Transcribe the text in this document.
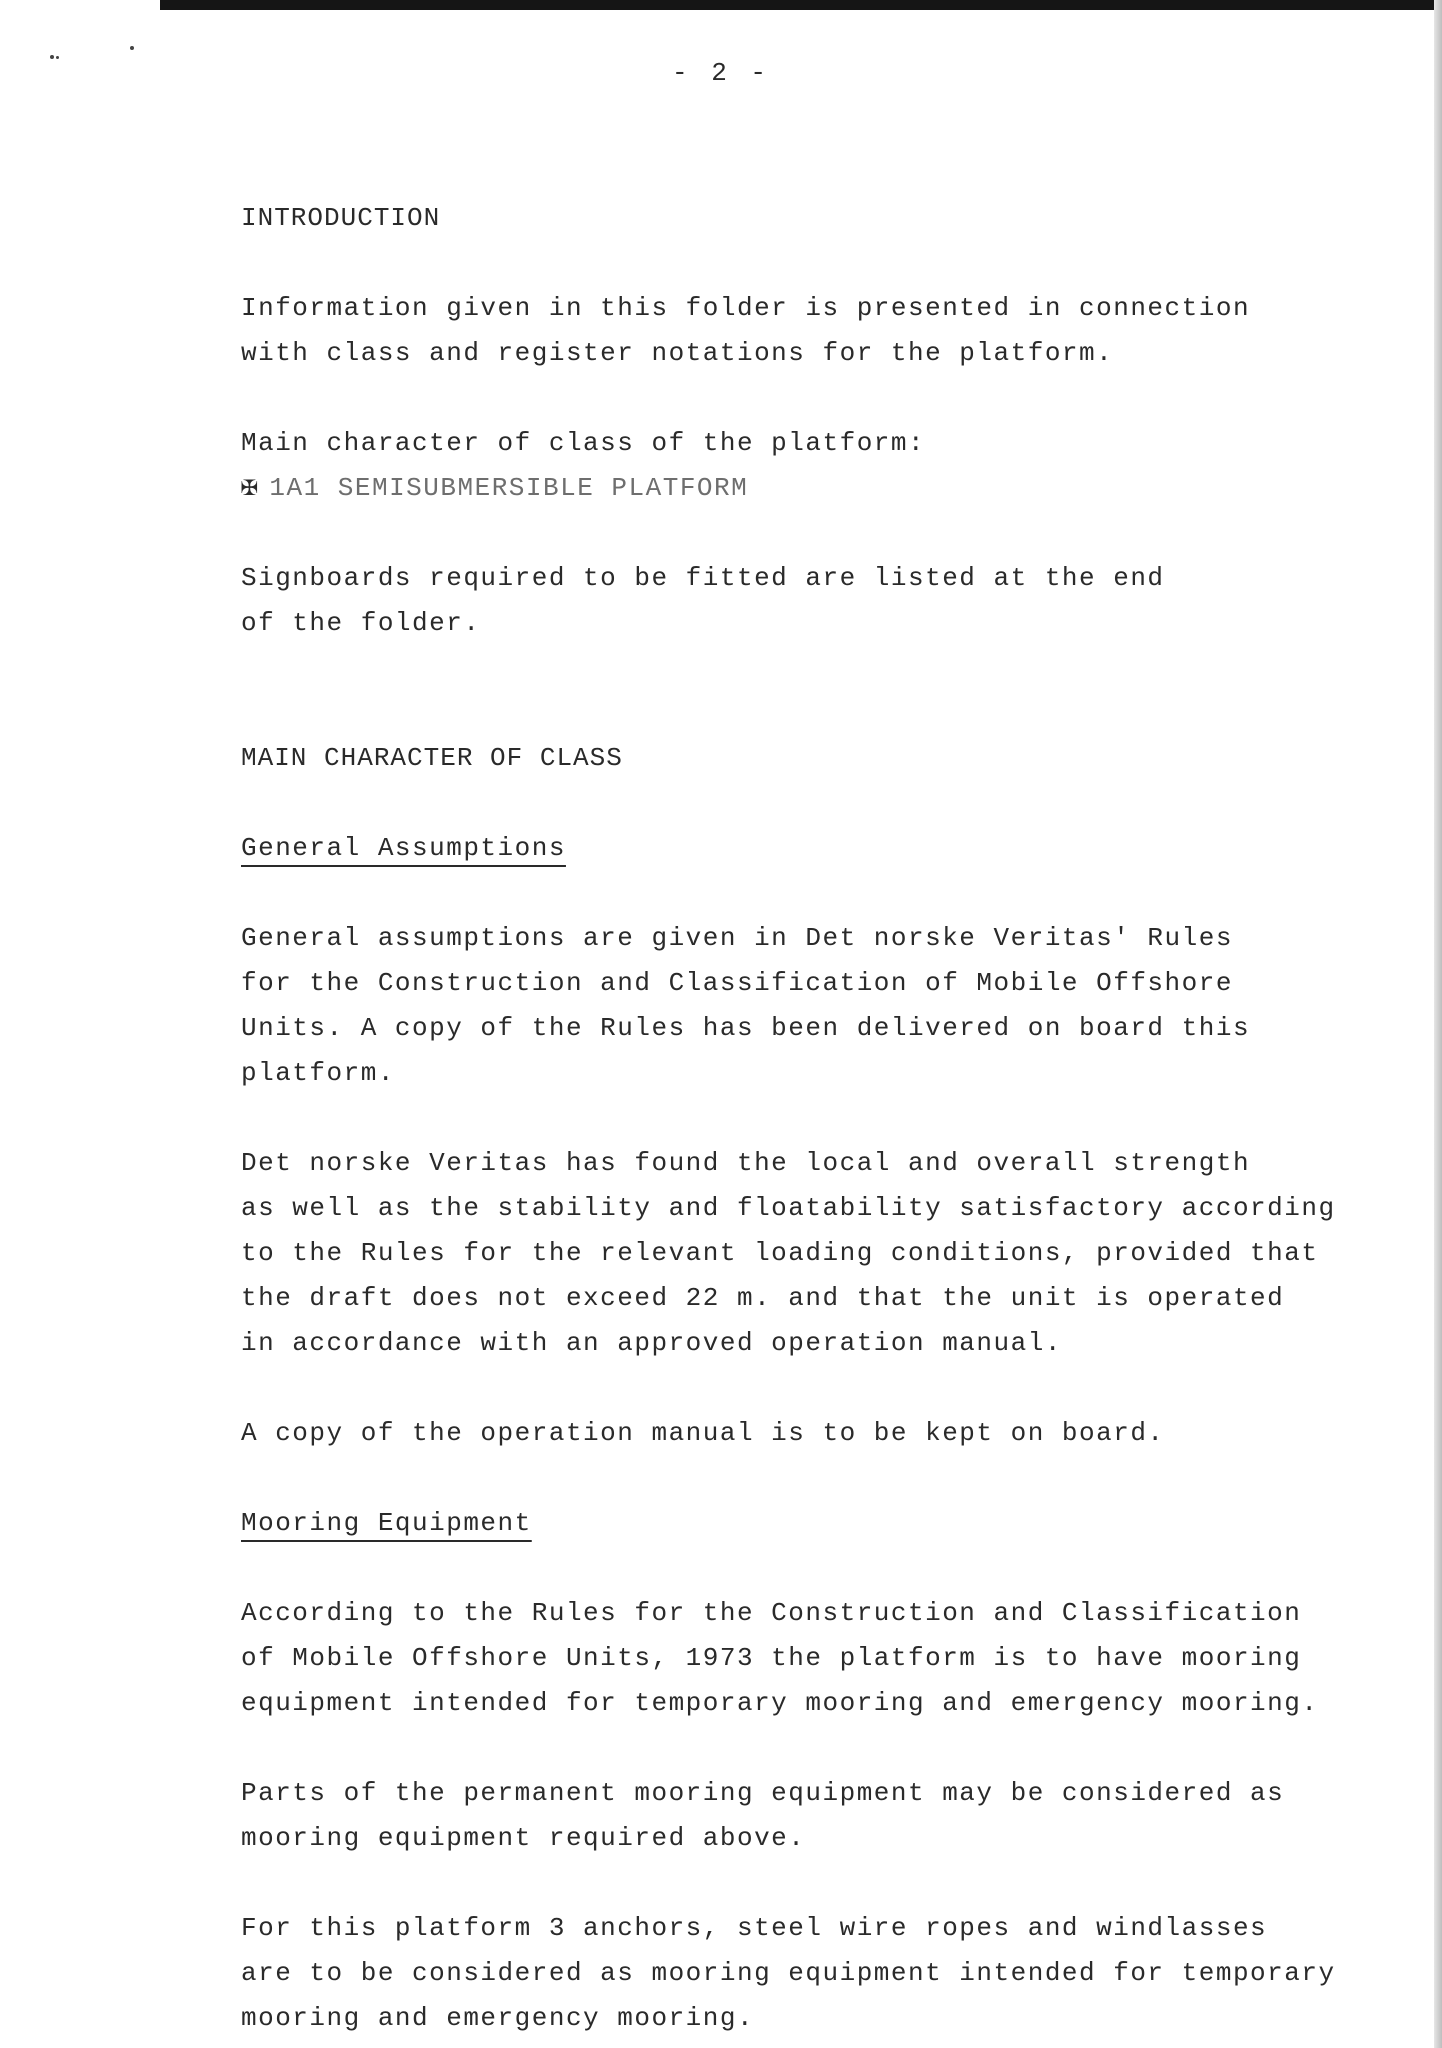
- 2 -

INTRODUCTION

Information given in this folder is presented in connection
with class and register notations for the platform.

Main character of class of the platform:

✠ 1A1 SEMISUBMERSIBLE PLATFORM

Signboards required to be fitted are listed at the end
of the folder.

MAIN CHARACTER OF CLASS

General Assumptions

General assumptions are given in Det norske Veritas' Rules
for the Construction and Classification of Mobile Offshore
Units. A copy of the Rules has been delivered on board this
platform.

Det norske Veritas has found the local and overall strength
as well as the stability and floatability satisfactory according
to the Rules for the relevant loading conditions, provided that
the draft does not exceed 22 m. and that the unit is operated
in accordance with an approved operation manual.

A copy of the operation manual is to be kept on board.

Mooring Equipment

According to the Rules for the Construction and Classification
of Mobile Offshore Units, 1973 the platform is to have mooring
equipment intended for temporary mooring and emergency mooring.

Parts of the permanent mooring equipment may be considered as
mooring equipment required above.

For this platform 3 anchors, steel wire ropes and windlasses
are to be considered as mooring equipment intended for temporary
mooring and emergency mooring.
